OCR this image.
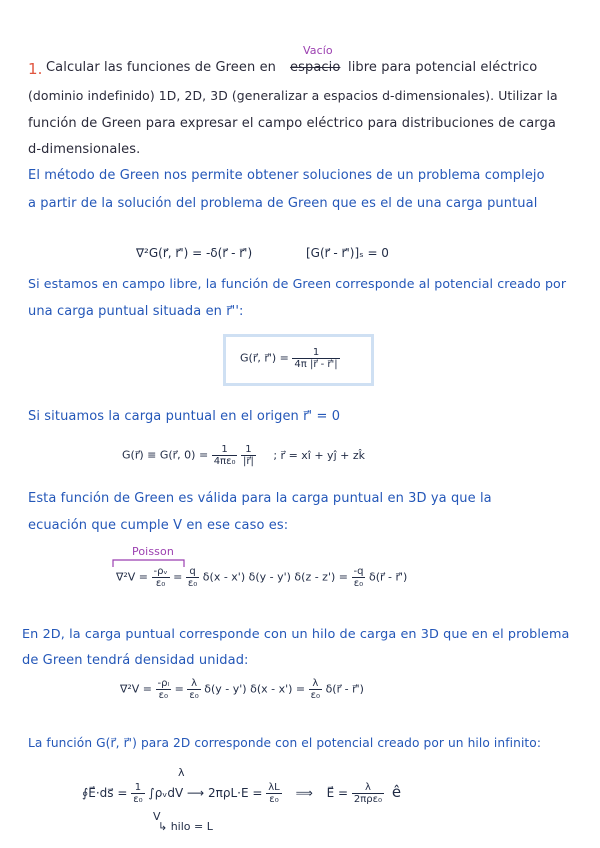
Vacío
1. Calcular las funciones de Green en espacio libre para potencial eléctrico
(dominio indefinido) 1D, 2D, 3D (generalizar a espacios d-dimensionales). Utilizar la
función de Green para expresar el campo eléctrico para distribuciones de carga
d-dimensionales.
El método de Green nos permite obtener soluciones de un problema complejo
a partir de la solución del problema de Green que es el de una carga puntual
∇²G(r⃗, r⃗') = -δ(r⃗ - r⃗')	[G(r⃗ - r⃗')]ₛ = 0
Si estamos en campo libre, la función de Green corresponde al potencial creado por
una carga puntual situada en r⃗'':
G(r⃗, r⃗') = $\frac{1}{4\pi |r⃗ - r⃗'|}$
Si situamos la carga puntual en el origen r⃗' = 0
G(r⃗) ≡ G(r⃗, $0) = \frac{1}{\text{4πε₀}}$
$\frac{1}{|r⃗|}$ ; r⃗ = xî + yĵ + zk̂
Esta función de Green es válida para la carga puntual en 3D ya que la
ecuación que cumple V en ese caso es:
Poisson
$\nabla^2V = \frac{\text{-ρᵥ}}{\text{ε₀}} = \frac{q}{\text{ε₀}} \delta(x - x')$ δ(y - y') $\delta(z - z') = \frac{-q}{\text{ε₀}}$ δ(r⃗ - r⃗')
En 2D, la carga puntual corresponde con un hilo de carga en 3D que en el problema
de Green tendrá densidad unidad:
$\nabla^2V = \frac{\text{-ρₗ}}{\text{ε₀}} = \frac{\lambda}{\text{ε₀}} \delta(y - y')$ $\delta(x - x') = \frac{\lambda}{\text{ε₀}}$ δ(r⃗ - r⃗')
La función G(r⃗, r⃗') para 2D corresponde con el potencial creado por un hilo infinito:
λ
∮E⃗·ds⃗ = $\frac{1}{\text{ε₀}}$ ∫ρᵥdV ⟶ $2\pi\rho L\cdot E = \frac{\lambda L}{\text{ε₀}}$ ⟹ E⃗ = $\frac{\lambda}{\text{2πρε₀}}$ ê
V
↳ hilo = L
